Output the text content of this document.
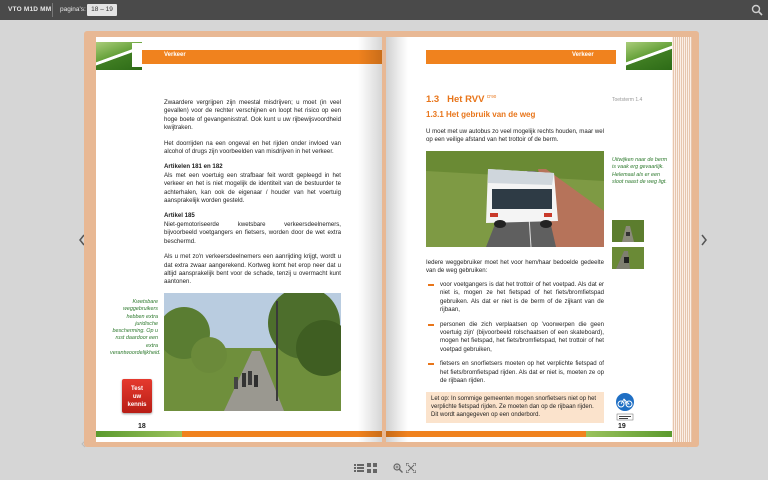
VTO M1D MM pagina's: 18 – 19
Verkeer

Zwaardere vergrijpen zijn meestal misdrijven; u moet (in veel gevallen) voor de rechter verschijnen en loopt het risico op een hoge boete of gevangenisstraf. Ook kunt u uw rijbewijsvoordheid kwijtraken.

Het doorrijden na een ongeval en het rijden onder invloed van alcohol of drugs zijn voorbeelden van misdrijven in het verkeer.

Artikelen 181 en 182

Als met een voertuig een strafbaar feit wordt gepleegd in het verkeer en het is niet mogelijk de identiteit van de bestuurder te achterhalen, kan ook de eigenaar / houder van het voertuig aansprakelijk worden gesteld.

Artikel 185

Niet-gemotoriseerde kwetsbare verkeersdeelnemers, bijvoorbeeld voetgangers en fietsers, worden door de wet extra beschermd.

Als u met zo'n verkeersdeelnemers een aanrijding krijgt, wordt u dat extra zwaar aangerekend. Kortweg komt het erop neer dat u altijd aansprakelijk bent voor de schade, tenzij u overmacht kunt aantonen.

Kwetsbare weggebruikers hebben extra juridische bescherming. Op u rust daardoor een extra verantwoordelijkheid.
Test
uw
kennis
18
Verkeer
1.3 Het RVV $^{D'90}$
Toetsterm 1.4
1.3.1 Het gebruik van de weg
U moet met uw autobus zo veel mogelijk rechts houden, maar wel op een veilige afstand van het trottoir of de berm.
Uitwijken naar de berm is vaak erg gevaarlijk. Helemaal als er een sloot naast de weg ligt.
Iedere weggebruiker moet het voor hem/haar bedoelde gedeelte van de weg gebruiken:
voor voetgangers is dat het trottoir of het voetpad. Als dat er niet is, mogen ze het fietspad of het fiets/bromfietspad gebruiken. Als dat er niet is de berm of de zijkant van de rijbaan,
personen die zich verplaatsen op 'voorwerpen die geen voertuig zijn' (bijvoorbeeld rolschaatsen of een skateboard), mogen het fietspad, het fiets/bromfietspad, het trottoir of het voetpad gebruiken,
fietsers en snorfietsers moeten op het verplichte fietspad of het fiets/bromfietspad rijden. Als dat er niet is, moeten ze op de rijbaan rijden.
Let op: In sommige gemeenten mogen snorfietsers niet op het verplichte fietspad rijden. Ze moeten dan op de rijbaan rijden. Dit wordt aangegeven op een onderbord.
19
